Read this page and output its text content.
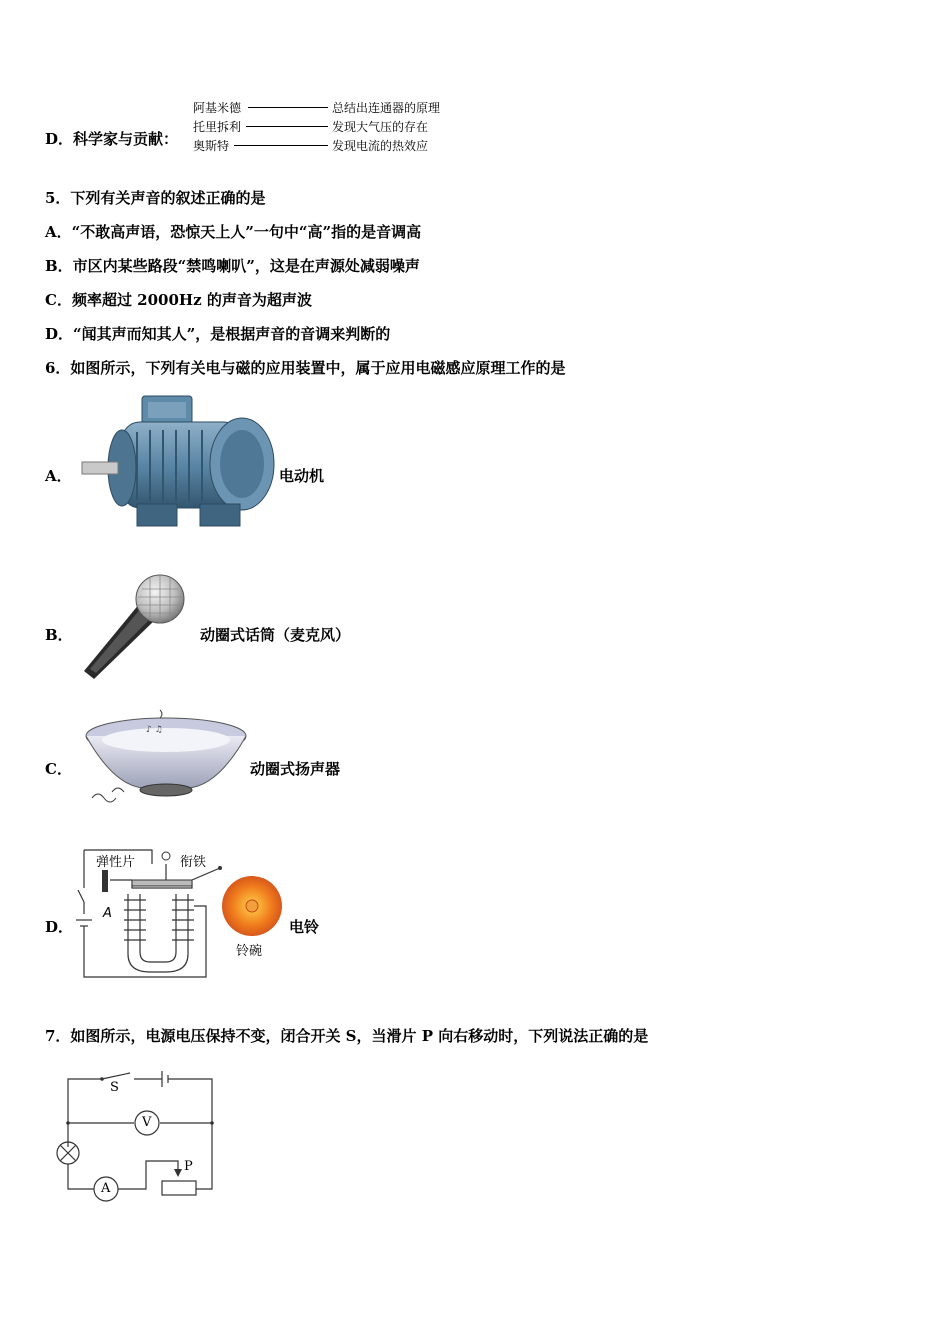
D．科学家与贡献：
阿基米德	总结出连通器的原理
托里拆利	发现大气压的存在
奥斯特	发现电流的热效应
5．下列有关声音的叙述正确的是
A．“不敢高声语，恐惊天上人”一句中“高”指的是音调高
B．市区内某些路段“禁鸣喇叭”，这是在声源处减弱噪声
C．频率超过 2000Hz 的声音为超声波
D．“闻其声而知其人”，是根据声音的音调来判断的
6．如图所示，下列有关电与磁的应用装置中，属于应用电磁感应原理工作的是
A．	电动机
B．	动圈式话筒（麦克风）
C．
♪ ♫
动圈式扬声器
D．
弹性片	衔铁
A
铃碗
电铃
7．如图所示，电源电压保持不变，闭合开关 S，当滑片 P 向右移动时，下列说法正确的是
S
V
A
P
